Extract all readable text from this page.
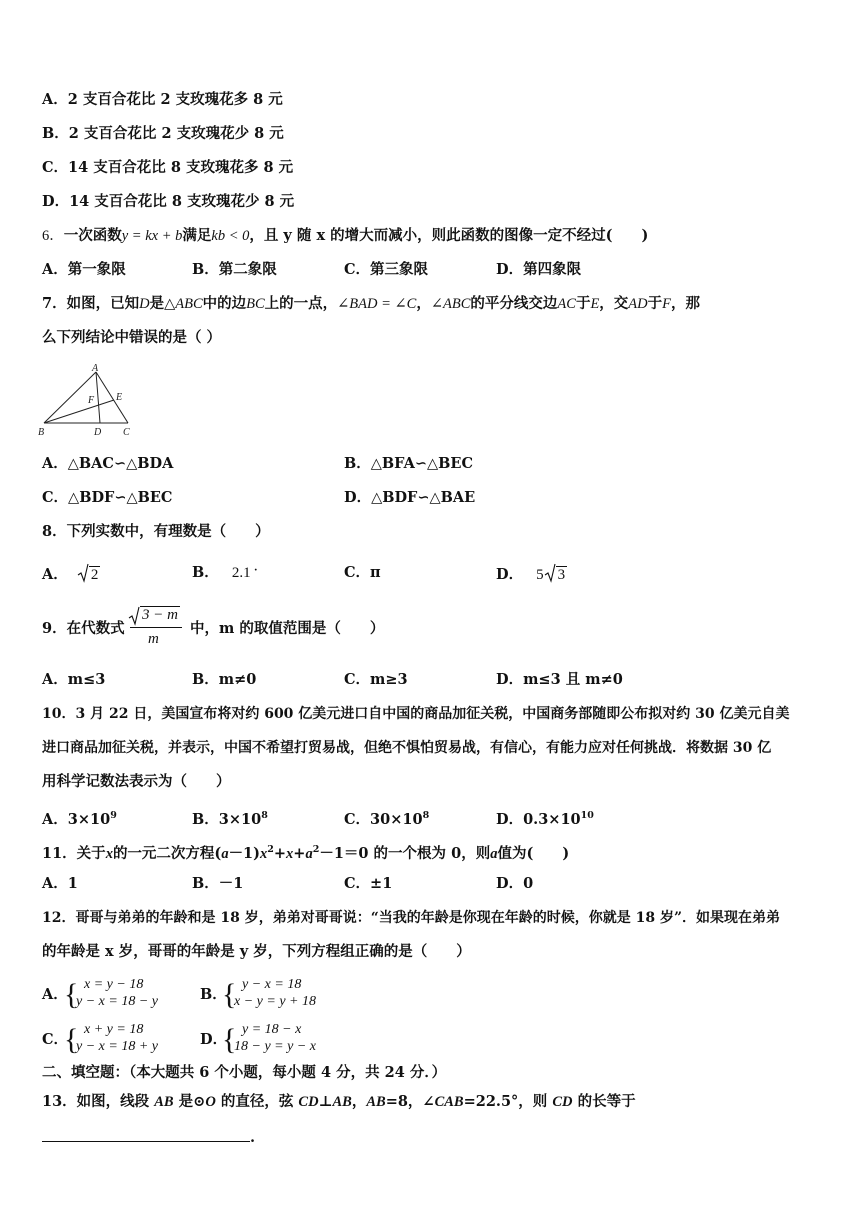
A．2 支百合花比 2 支玫瑰花多 8 元
B．2 支百合花比 2 支玫瑰花少 8 元
C．14 支百合花比 8 支玫瑰花多 8 元
D．14 支百合花比 8 支玫瑰花少 8 元
6．一次函数y = kx + b满足kb < 0，且 y 随 x 的增大而减小，则此函数的图像一定不经过(　　)
A．第一象限	B．第二象限	C．第三象限	D．第四象限
7．如图，已知D是△ABC中的边BC上的一点，∠BAD = ∠C，∠ABC的平分线交边AC于E，交AD于F，那
么下列结论中错误的是（ ）
A
B	C
D
E
F
A．△BAC∽△BDA	B．△BFA∽△BEC
C．△BDF∽△BEC	D．△BDF∽△BAE
8．下列实数中，有理数是（　　）
A． 2	B． 2.1 ·	C．π	D． 5 3
9．在代数式
3 − m
m
中，m 的取值范围是（　　）
A．m≤3	B．m≠0	C．m≥3	D．m≤3 且 m≠0
10．3 月 22 日，美国宣布将对约 600 亿美元进口自中国的商品加征关税，中国商务部随即公布拟对约 30 亿美元自美
进口商品加征关税，并表示，中国不希望打贸易战，但绝不惧怕贸易战，有信心，有能力应对任何挑战．将数据 30 亿
用科学记数法表示为（　　）
A．$3\times 10^9$	B．$3\times 10^8$	C．$30\times 10^8$	D．$0.3\times 10^{10}$
11．关于x的一元二次方程$(a-1)x^2+x+a^2-1=0$ 的一个根为 0，则a值为(　　)
A．1	B．－1	C．±1	D．0
12．哥哥与弟弟的年龄和是 18 岁，弟弟对哥哥说：“当我的年龄是你现在年龄的时候，你就是 18 岁”．如果现在弟弟
的年龄是 x 岁，哥哥的年龄是 y 岁，下列方程组正确的是（　　）
A．
{ x = y − 18
y − x = 18 − y	B．
{ y − x = 18
x − y = y + 18
C．
{ x + y = 18
y − x = 18 + y	D．
{ y = 18 − x
18 − y = y − x
二、填空题：（本大题共 6 个小题，每小题 4 分，共 24 分．）
13．如图，线段 AB 是⊙O 的直径，弦 CD⊥AB，AB=8，∠CAB=22.5°，则 CD 的长等于
.
